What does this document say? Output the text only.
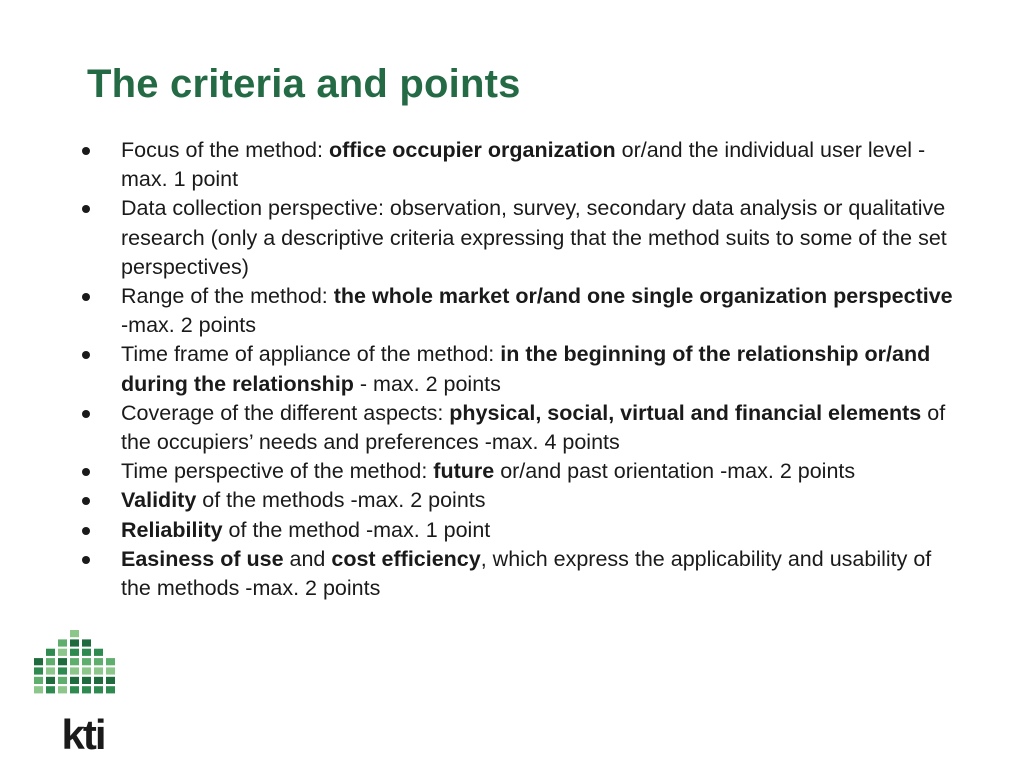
The criteria and points
Focus of the method: office occupier organization or/and the individual user level -max. 1 point
Data collection perspective: observation, survey, secondary data analysis or qualitative research (only a descriptive criteria expressing that the method suits to some of the set perspectives)
Range of the method: the whole market or/and one single organization perspective -max. 2 points
Time frame of appliance of the method: in the beginning of the relationship or/and during the relationship - max. 2 points
Coverage of the different aspects: physical, social, virtual and financial elements of the occupiers’ needs and preferences -max. 4 points
Time perspective of the method: future or/and past orientation -max. 2 points
Validity of the methods -max. 2 points
Reliability of the method -max. 1 point
Easiness of use and cost efficiency, which express the applicability and usability of the methods -max. 2 points
kti
